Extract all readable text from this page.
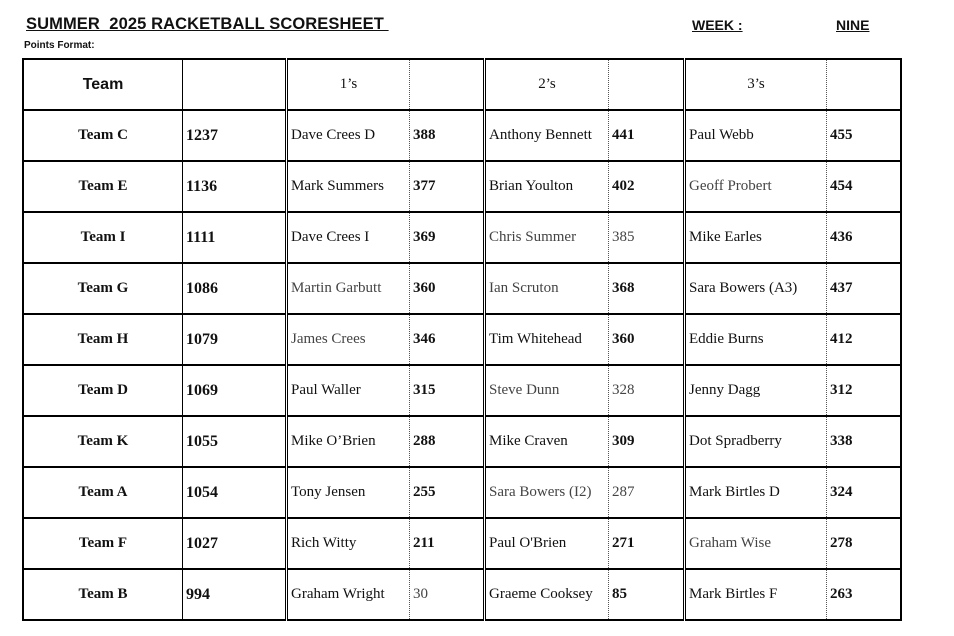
SUMMER  2025 RACKETBALL SCORESHEET	WEEK :	NINE
Points Format:
Team		1’s		2’s		3’s	
Team C	1237	Dave Crees D	388	Anthony Bennett	441	Paul Webb	455
Team E	1136	Mark Summers	377	Brian Youlton	402	Geoff Probert	454
Team I	1111	Dave Crees I	369	Chris Summer	385	Mike Earles	436
Team G	1086	Martin Garbutt	360	Ian Scruton	368	Sara Bowers (A3)	437
Team H	1079	James Crees	346	Tim Whitehead	360	Eddie Burns	412
Team D	1069	Paul Waller	315	Steve Dunn	328	Jenny Dagg	312
Team K	1055	Mike O’Brien	288	Mike Craven	309	Dot Spradberry	338
Team A	1054	Tony Jensen	255	Sara Bowers (I2)	287	Mark Birtles D	324
Team F	1027	Rich Witty	211	Paul O'Brien	271	Graham Wise	278
Team B	994	Graham Wright	30	Graeme Cooksey	85	Mark Birtles F	263
